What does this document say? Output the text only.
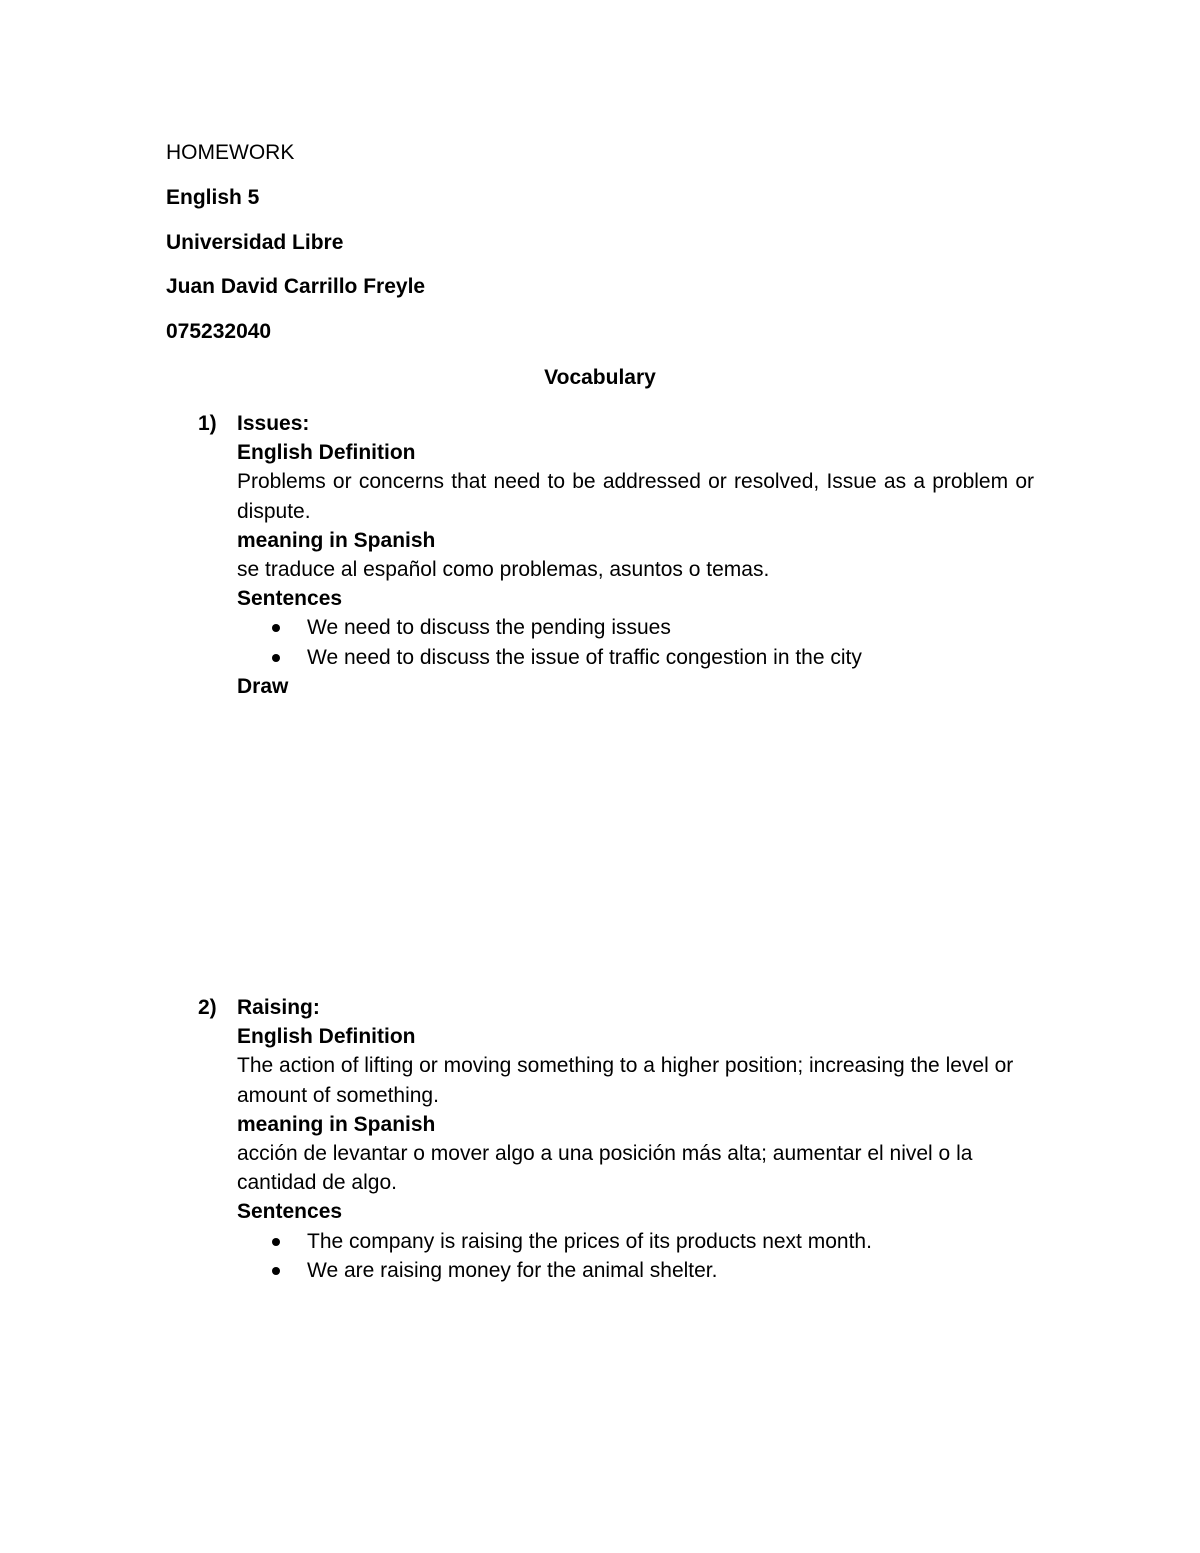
HOMEWORK
English 5
Universidad Libre
Juan David Carrillo Freyle
075232040
Vocabulary
1) Issues:

English Definition

Problems or concerns that need to be addressed or resolved, Issue as a problem or dispute.

meaning in Spanish

se traduce al español como problemas, asuntos o temas.

Sentences

We need to discuss the pending issues
We need to discuss the issue of traffic congestion in the city

Draw

2) Raising:

English Definition

The action of lifting or moving something to a higher position; increasing the level or amount of something.

meaning in Spanish

acción de levantar o mover algo a una posición más alta; aumentar el nivel o la cantidad de algo.

Sentences

The company is raising the prices of its products next month.
We are raising money for the animal shelter.
